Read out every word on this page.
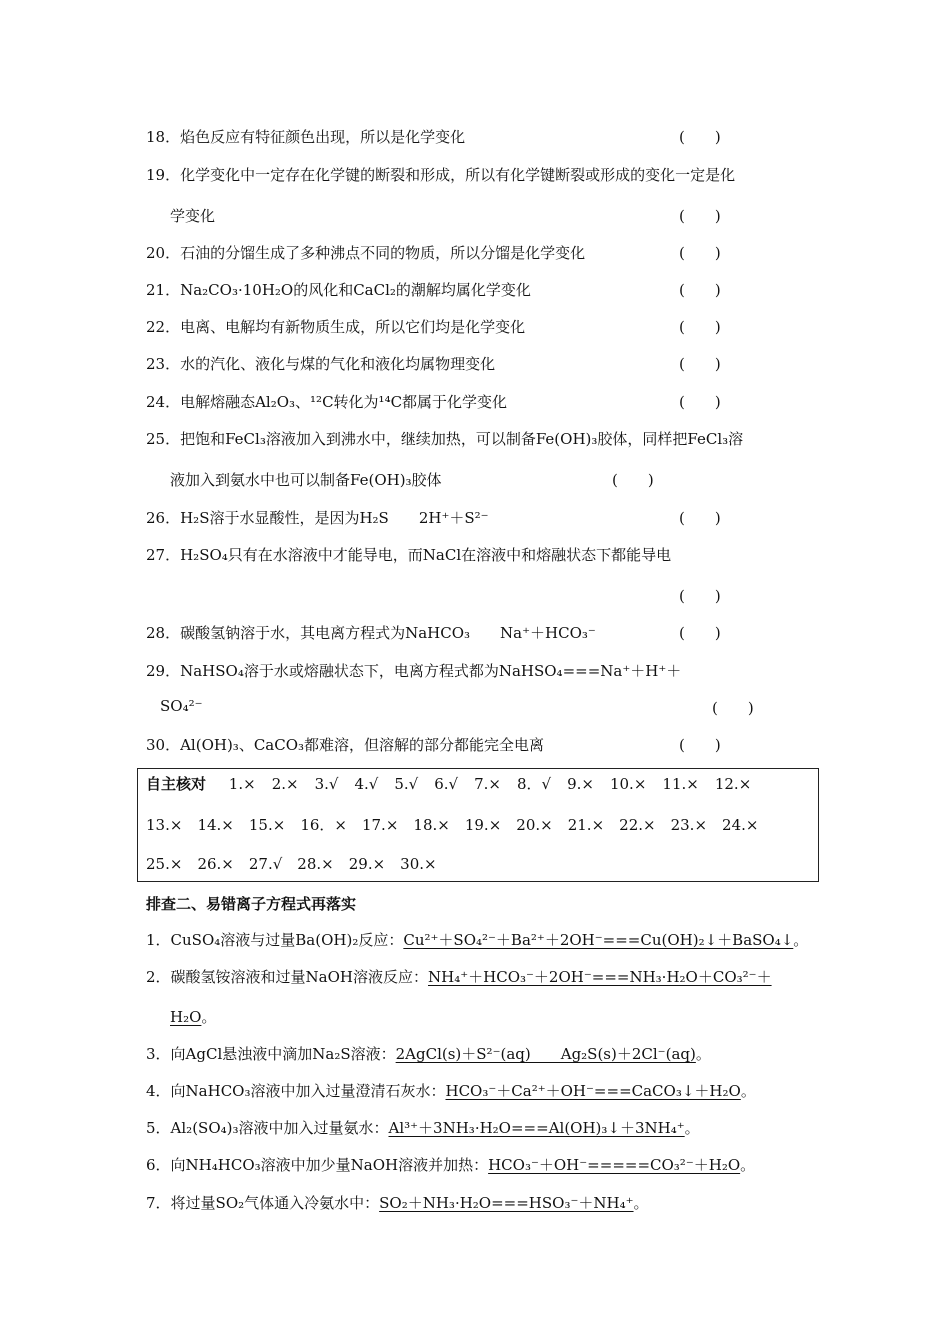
18．焰色反应有特征颜色出现，所以是化学变化	(　　)
19．化学变化中一定存在化学键的断裂和形成，所以有化学键断裂或形成的变化一定是化
学变化	(　　)
20．石油的分馏生成了多种沸点不同的物质，所以分馏是化学变化	(　　)
21．Na₂CO₃·10H₂O的风化和CaCl₂的潮解均属化学变化	(　　)
22．电离、电解均有新物质生成，所以它们均是化学变化	(　　)
23．水的汽化、液化与煤的气化和液化均属物理变化	(　　)
24．电解熔融态Al₂O₃、¹²C转化为¹⁴C都属于化学变化	(　　)
25．把饱和FeCl₃溶液加入到沸水中，继续加热，可以制备Fe(OH)₃胶体，同样把FeCl₃溶
液加入到氨水中也可以制备Fe(OH)₃胶体	(　　)
26．H₂S溶于水显酸性，是因为H₂S　　2H⁺＋S²⁻	(　　)
27．H₂SO₄只有在水溶液中才能导电，而NaCl在溶液中和熔融状态下都能导电
(　　)
28．碳酸氢钠溶于水，其电离方程式为NaHCO₃　　Na⁺＋HCO₃⁻	(　　)
29．NaHSO₄溶于水或熔融状态下，电离方程式都为NaHSO₄===Na⁺＋H⁺＋
SO₄²⁻	(　　)
30．Al(OH)₃、CaCO₃都难溶，但溶解的部分都能完全电离	(　　)
自主核对 1.× 2.× 3.√ 4.√ 5.√ 6.√ 7.× 8．√ 9.× 10.× 11.× 12.×
13.× 14.× 15.× 16．× 17.× 18.× 19.× 20.× 21.× 22.× 23.× 24.×
25.× 26.× 27.√ 28.× 29.× 30.×
排查二、易错离子方程式再落实
1．CuSO₄溶液与过量Ba(OH)₂反应：Cu²⁺＋SO₄²⁻＋Ba²⁺＋2OH⁻===Cu(OH)₂↓＋BaSO₄↓。
2．碳酸氢铵溶液和过量NaOH溶液反应：NH₄⁺＋HCO₃⁻＋2OH⁻===NH₃·H₂O＋CO₃²⁻＋
H₂O。
3．向AgCl悬浊液中滴加Na₂S溶液：2AgCl(s)＋S²⁻(aq)　　Ag₂S(s)＋2Cl⁻(aq)。
4．向NaHCO₃溶液中加入过量澄清石灰水：HCO₃⁻＋Ca²⁺＋OH⁻===CaCO₃↓＋H₂O。
5．Al₂(SO₄)₃溶液中加入过量氨水：Al³⁺＋3NH₃·H₂O===Al(OH)₃↓＋3NH₄⁺。
6．向NH₄HCO₃溶液中加少量NaOH溶液并加热：HCO₃⁻＋OH⁻=====CO₃²⁻＋H₂O。
7．将过量SO₂气体通入冷氨水中：SO₂＋NH₃·H₂O===HSO₃⁻＋NH₄⁺。
